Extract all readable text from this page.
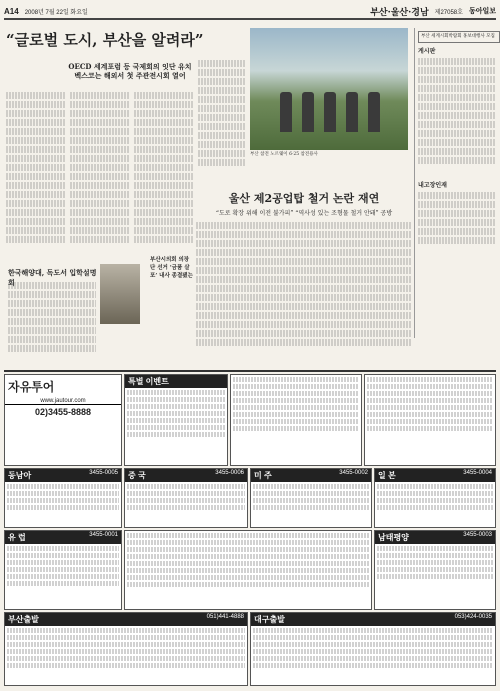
A14 2008년 7월 22일 화요일	부산·울산·경남 제27058호 동아일보
“글로벌 도시, 부산을 알려라”
OECD 세계포럼 등 국제회의 잇단 유치
벡스코는 해외서 첫 주관전시회 열어
부산 참전 노르웨이 6·25 참전용사
부산 세계시회박람회 홍보대행사 모집
게시판
내고장인재
울산 제2공업탑 철거 논란 재연
“도로 확장 위해 이전 불가피” “역사성 있는 조형물 철거 안돼” 공방
한국해양대, 독도서 입학설명회
부산시의회 의장단 선거 ‘금품 살포’ 내사 종결됐는
자유투어
www.jautour.com
02)3455-8888
특별 이벤트
동남아	3455-0005 중 국	3455-0006 미 주	3455-0002 일 본	3455-0004
유 럽	3455-0001	남태평양	3455-0003
부산출발	051)441-4888 대구출발	053)424-0035
